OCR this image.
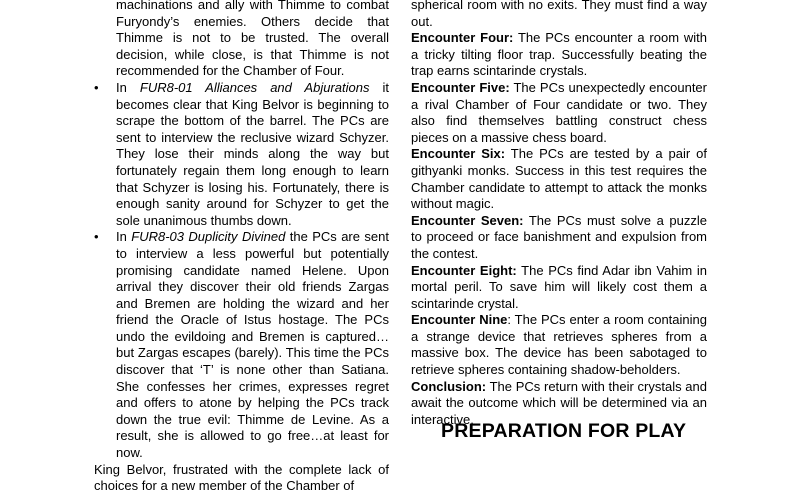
machinations and ally with Thimme to combat Furyondy’s enemies. Others decide that Thimme is not to be trusted. The overall decision, while close, is that Thimme is not recommended for the Chamber of Four.

• In FUR8-01 Alliances and Abjurations it becomes clear that King Belvor is beginning to scrape the bottom of the barrel. The PCs are sent to interview the reclusive wizard Schyzer. They lose their minds along the way but fortunately regain them long enough to learn that Schyzer is losing his. Fortunately, there is enough sanity around for Schyzer to get the sole unanimous thumbs down.
• In FUR8-03 Duplicity Divined the PCs are sent to interview a less powerful but potentially promising candidate named Helene. Upon arrival they discover their old friends Zargas and Bremen are holding the wizard and her friend the Oracle of Istus hostage. The PCs undo the evildoing and Bremen is captured… but Zargas escapes (barely). This time the PCs discover that ‘T’ is none other than Satiana. She confesses her crimes, expresses regret and offers to atone by helping the PCs track down the true evil: Thimme de Levine. As a result, she is allowed to go free…at least for now.

King Belvor, frustrated with the complete lack of choices for a new member of the Chamber of

spherical room with no exits. They must find a way out.

Encounter Four: The PCs encounter a room with a tricky tilting floor trap. Successfully beating the trap earns scintarinde crystals.

Encounter Five: The PCs unexpectedly encounter a rival Chamber of Four candidate or two. They also find themselves battling construct chess pieces on a massive chess board.

Encounter Six: The PCs are tested by a pair of githyanki monks. Success in this test requires the Chamber candidate to attempt to attack the monks without magic.

Encounter Seven: The PCs must solve a puzzle to proceed or face banishment and expulsion from the contest.

Encounter Eight: The PCs find Adar ibn Vahim in mortal peril. To save him will likely cost them a scintarinde crystal.

Encounter Nine: The PCs enter a room containing a strange device that retrieves spheres from a massive box. The device has been sabotaged to retrieve spheres containing shadow-beholders.

Conclusion: The PCs return with their crystals and await the outcome which will be determined via an interactive.

PREPARATION FOR PLAY
